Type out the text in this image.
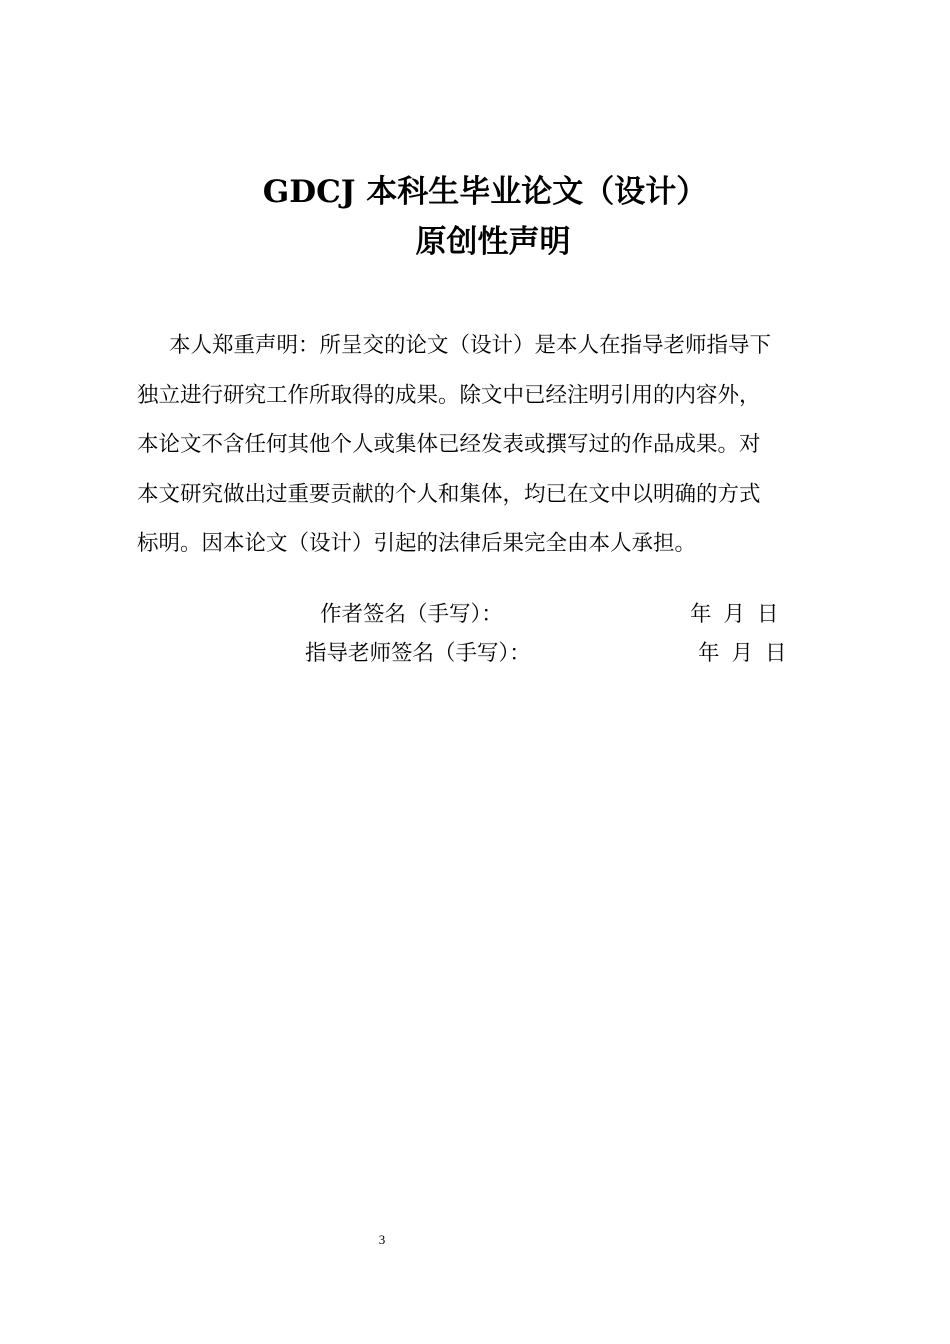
GDCJ 本科生毕业论文（设计）
原创性声明
本人郑重声明：所呈交的论文（设计）是本人在指导老师指导下
独立进行研究工作所取得的成果。除文中已经注明引用的内容外，
本论文不含任何其他个人或集体已经发表或撰写过的作品成果。对
本文研究做出过重要贡献的个人和集体，均已在文中以明确的方式
标明。因本论文（设计）引起的法律后果完全由本人承担。
作者签名（手写）：	年 月 日
指导老师签名（手写）：	年 月 日
3
